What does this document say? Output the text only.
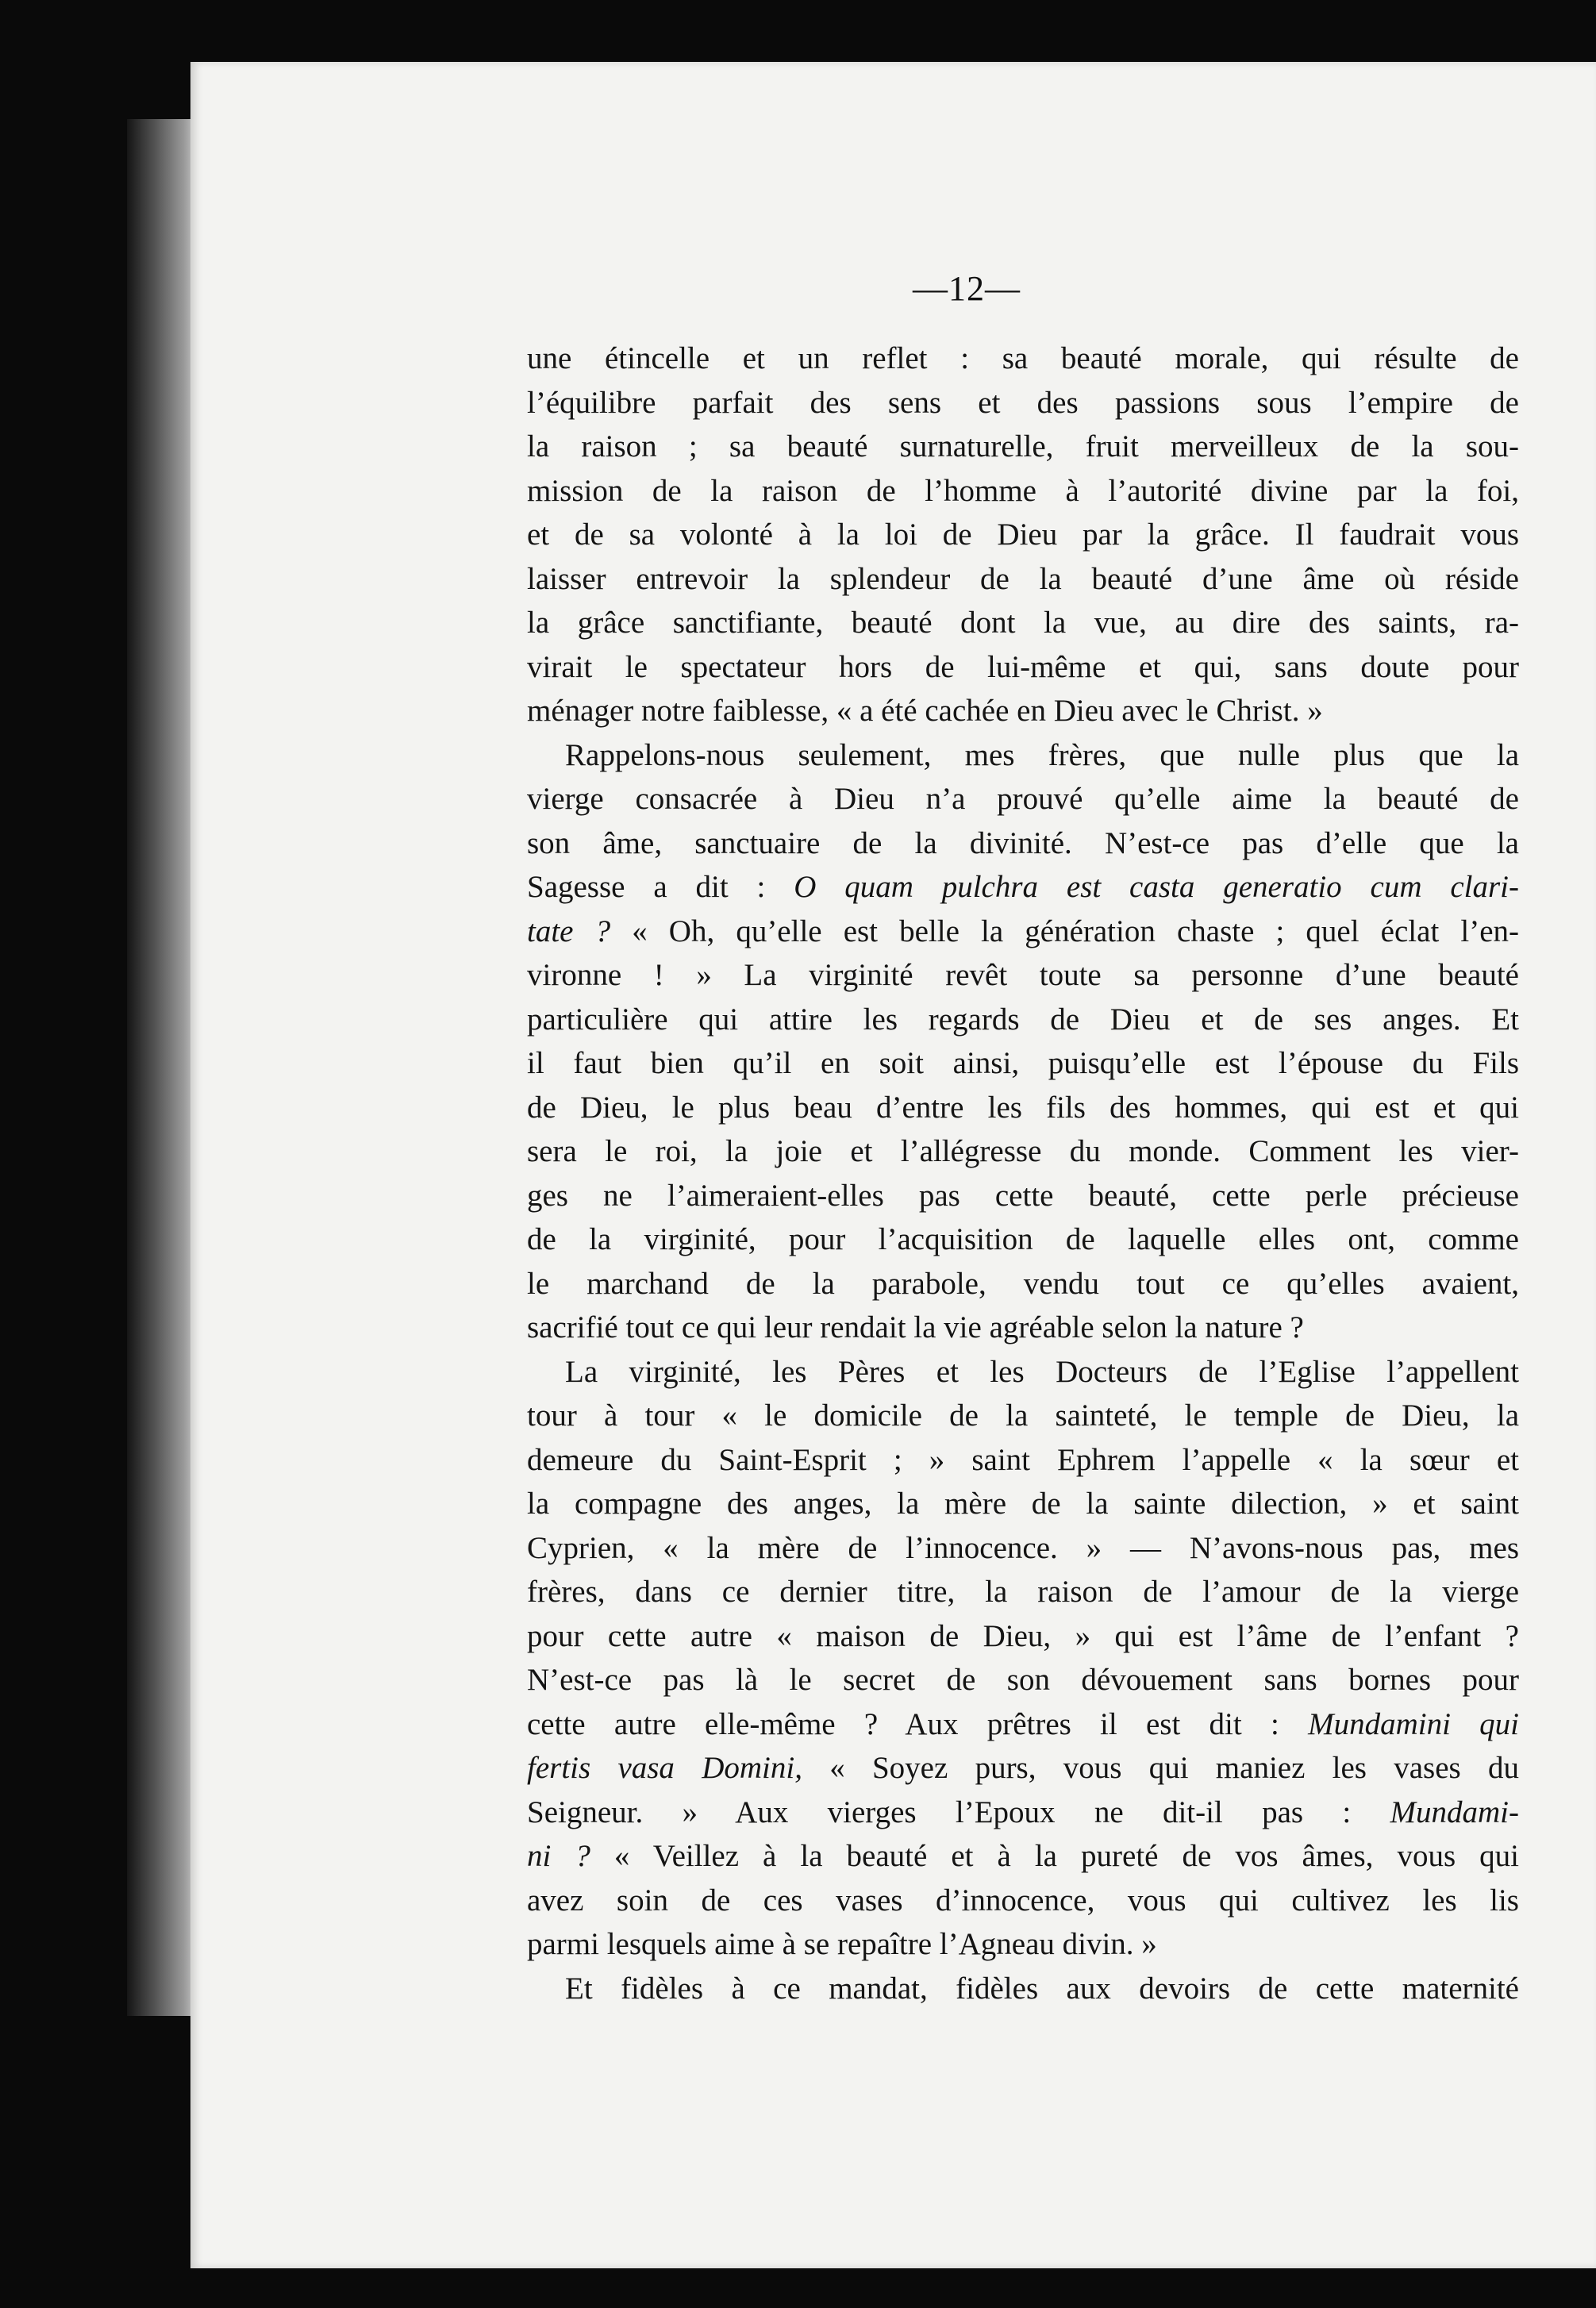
—12—
une étincelle et un reflet : sa beauté morale, qui résulte de
l’équilibre parfait des sens et des passions sous l’empire de
la raison ; sa beauté surnaturelle, fruit merveilleux de la sou-
mission de la raison de l’homme à l’autorité divine par la foi,
et de sa volonté à la loi de Dieu par la grâce. Il faudrait vous
laisser entrevoir la splendeur de la beauté d’une âme où réside
la grâce sanctifiante, beauté dont la vue, au dire des saints, ra-
virait le spectateur hors de lui-même et qui, sans doute pour
ménager notre faiblesse, « a été cachée en Dieu avec le Christ. »
Rappelons-nous seulement, mes frères, que nulle plus que la
vierge consacrée à Dieu n’a prouvé qu’elle aime la beauté de
son âme, sanctuaire de la divinité. N’est-ce pas d’elle que la
Sagesse a dit : O quam pulchra est casta generatio cum clari-
tate ? « Oh, qu’elle est belle la génération chaste ; quel éclat l’en-
vironne ! » La virginité revêt toute sa personne d’une beauté
particulière qui attire les regards de Dieu et de ses anges. Et
il faut bien qu’il en soit ainsi, puisqu’elle est l’épouse du Fils
de Dieu, le plus beau d’entre les fils des hommes, qui est et qui
sera le roi, la joie et l’allégresse du monde. Comment les vier-
ges ne l’aimeraient-elles pas cette beauté, cette perle précieuse
de la virginité, pour l’acquisition de laquelle elles ont, comme
le marchand de la parabole, vendu tout ce qu’elles avaient,
sacrifié tout ce qui leur rendait la vie agréable selon la nature ?
La virginité, les Pères et les Docteurs de l’Eglise l’appellent
tour à tour « le domicile de la sainteté, le temple de Dieu, la
demeure du Saint-Esprit ; » saint Ephrem l’appelle « la sœur et
la compagne des anges, la mère de la sainte dilection, » et saint
Cyprien, « la mère de l’innocence. » — N’avons-nous pas, mes
frères, dans ce dernier titre, la raison de l’amour de la vierge
pour cette autre « maison de Dieu, » qui est l’âme de l’enfant ?
N’est-ce pas là le secret de son dévouement sans bornes pour
cette autre elle-même ? Aux prêtres il est dit : Mundamini qui
fertis vasa Domini, « Soyez purs, vous qui maniez les vases du
Seigneur. » Aux vierges l’Epoux ne dit-il pas : Mundami-
ni ? « Veillez à la beauté et à la pureté de vos âmes, vous qui
avez soin de ces vases d’innocence, vous qui cultivez les lis
parmi lesquels aime à se repaître l’Agneau divin. »
Et fidèles à ce mandat, fidèles aux devoirs de cette maternité
